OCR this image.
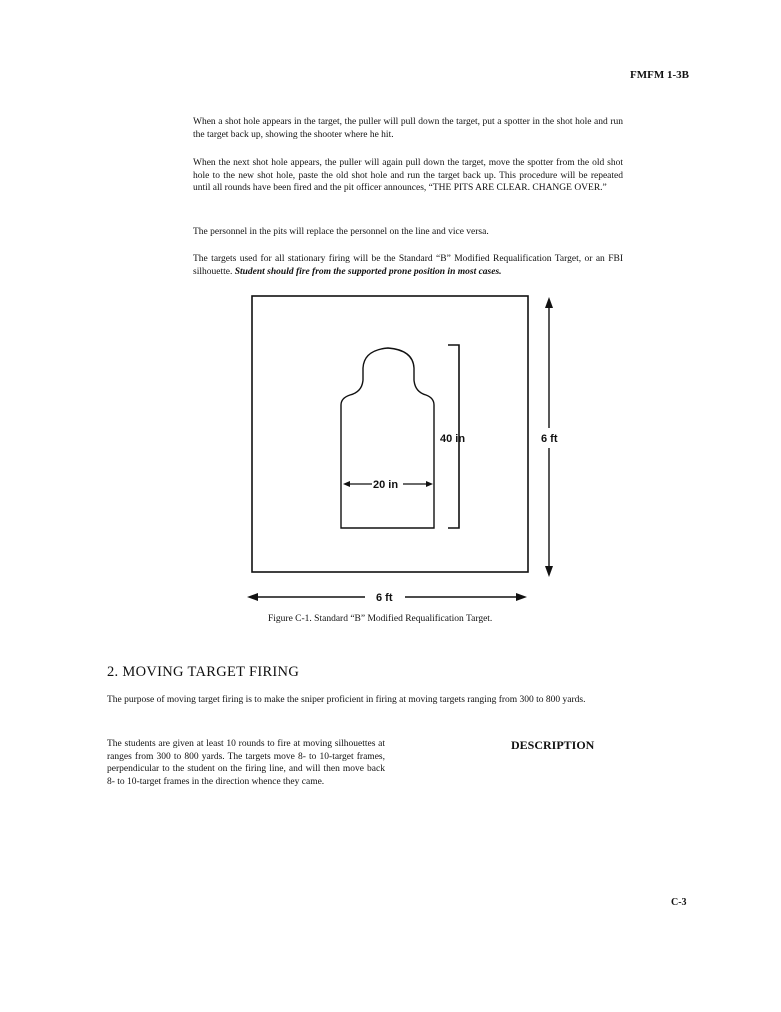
FMFM 1-3B

When a shot hole appears in the target, the puller will pull down the target, put a spotter in the shot hole and run the target back up, showing the shooter where he hit.

When the next shot hole appears, the puller will again pull down the target, move the spotter from the old shot hole to the new shot hole, paste the old shot hole and run the target back up. This procedure will be repeated until all rounds have been fired and the pit officer announces, “THE PITS ARE CLEAR. CHANGE OVER.”

The personnel in the pits will replace the personnel on the line and vice versa.

The targets used for all stationary firing will be the Standard “B” Modified Requalification Target, or an FBI silhouette. Student should fire from the supported prone position in most cases.

40 in
20 in
6 ft
6 ft
Figure C-1. Standard “B” Modified Requalification Target.
2. MOVING TARGET FIRING

The purpose of moving target firing is to make the sniper proficient in firing at moving targets ranging from 300 to 800 yards.

The students are given at least 10 rounds to fire at moving silhouettes at ranges from 300 to 800 yards. The targets move 8- to 10-target frames, perpendicular to the student on the firing line, and will then move back 8- to 10-target frames in the direction whence they came.

DESCRIPTION
C-3
